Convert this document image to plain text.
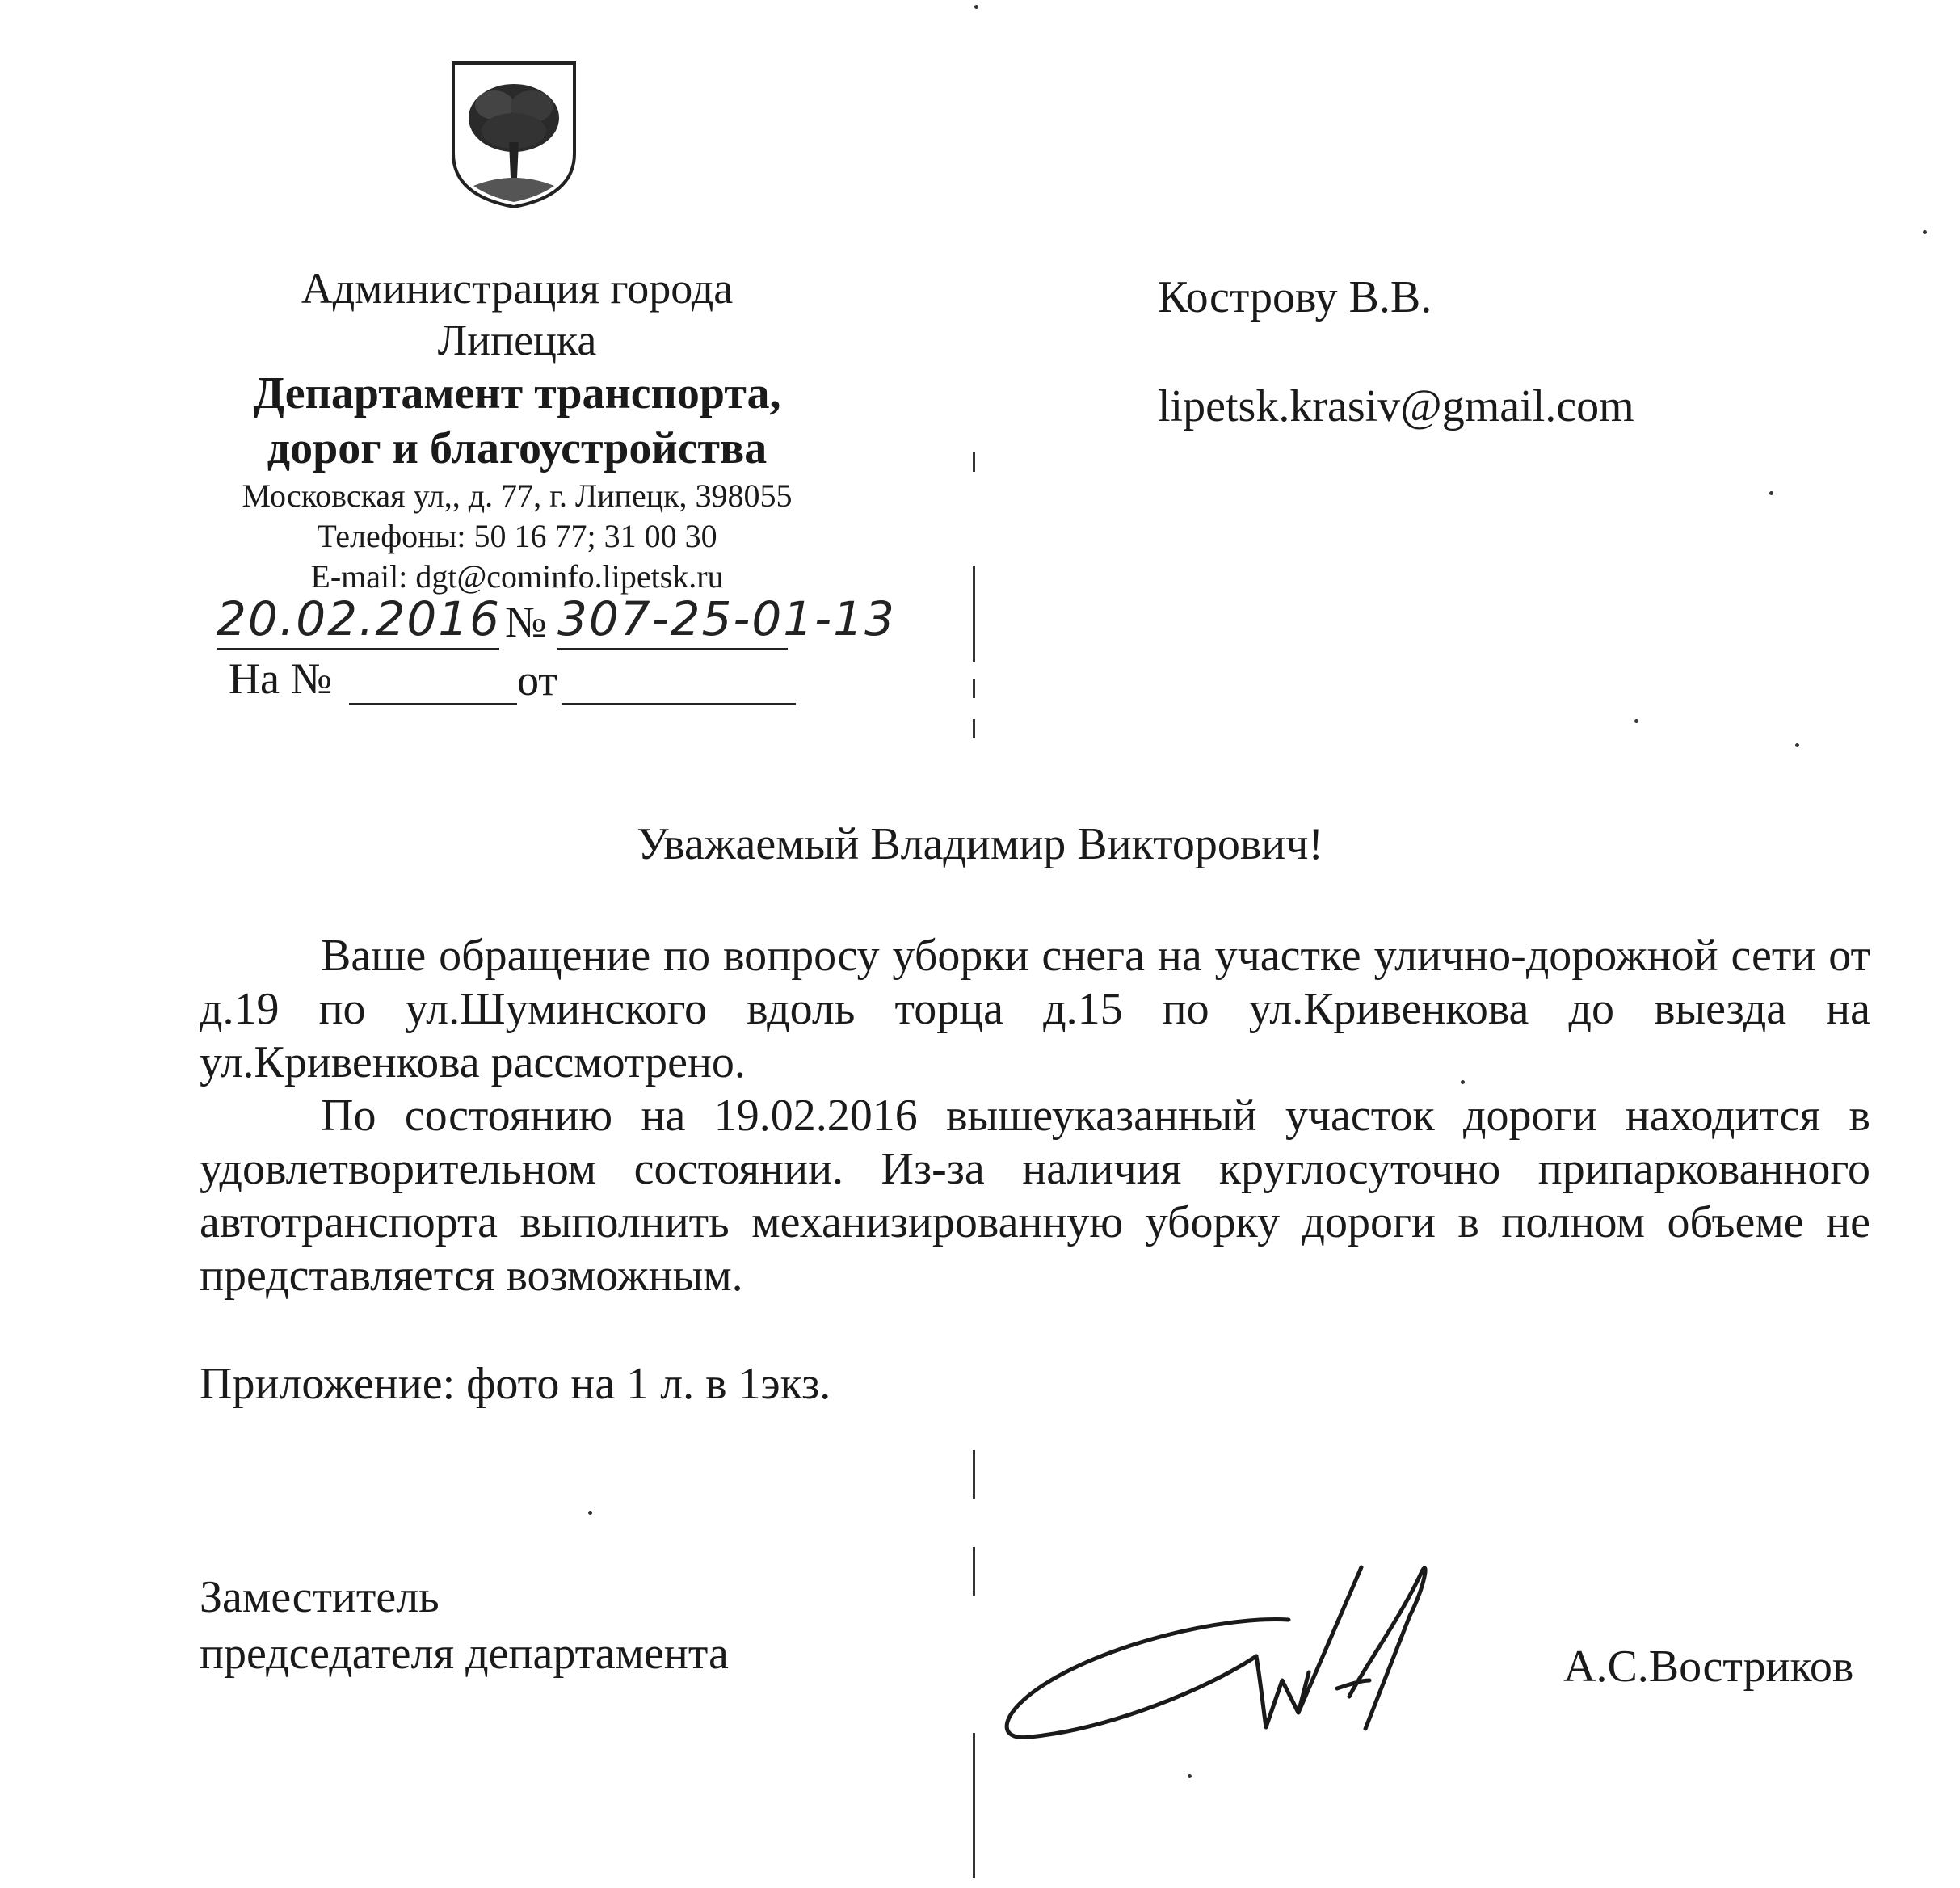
Администрация города
Липецка
Департамент транспорта,
дорог и благоустройства
Московская ул,, д. 77, г. Липецк, 398055
Телефоны: 50 16 77; 31 00 30
E-mail: dgt@cominfo.lipetsk.ru
20.02.2016 № 307-25-01-13
На №	от
Кострову В.В.
lipetsk.krasiv@gmail.com
Уважаемый Владимир Викторович!

Ваше обращение по вопросу уборки снега на участке улично-дорожной сети от д.19 по ул.Шуминского вдоль торца д.15 по ул.Кривенкова до выезда на ул.Кривенкова рассмотрено.

По состоянию на 19.02.2016 вышеуказанный участок дороги находится в удовлетворительном состоянии. Из-за наличия круглосуточно припаркованного автотранспорта выполнить механизированную уборку дороги в полном объеме не представляется возможным.

Приложение: фото на 1 л. в 1экз.
Заместитель
председателя департамента	А.С.Востриков
